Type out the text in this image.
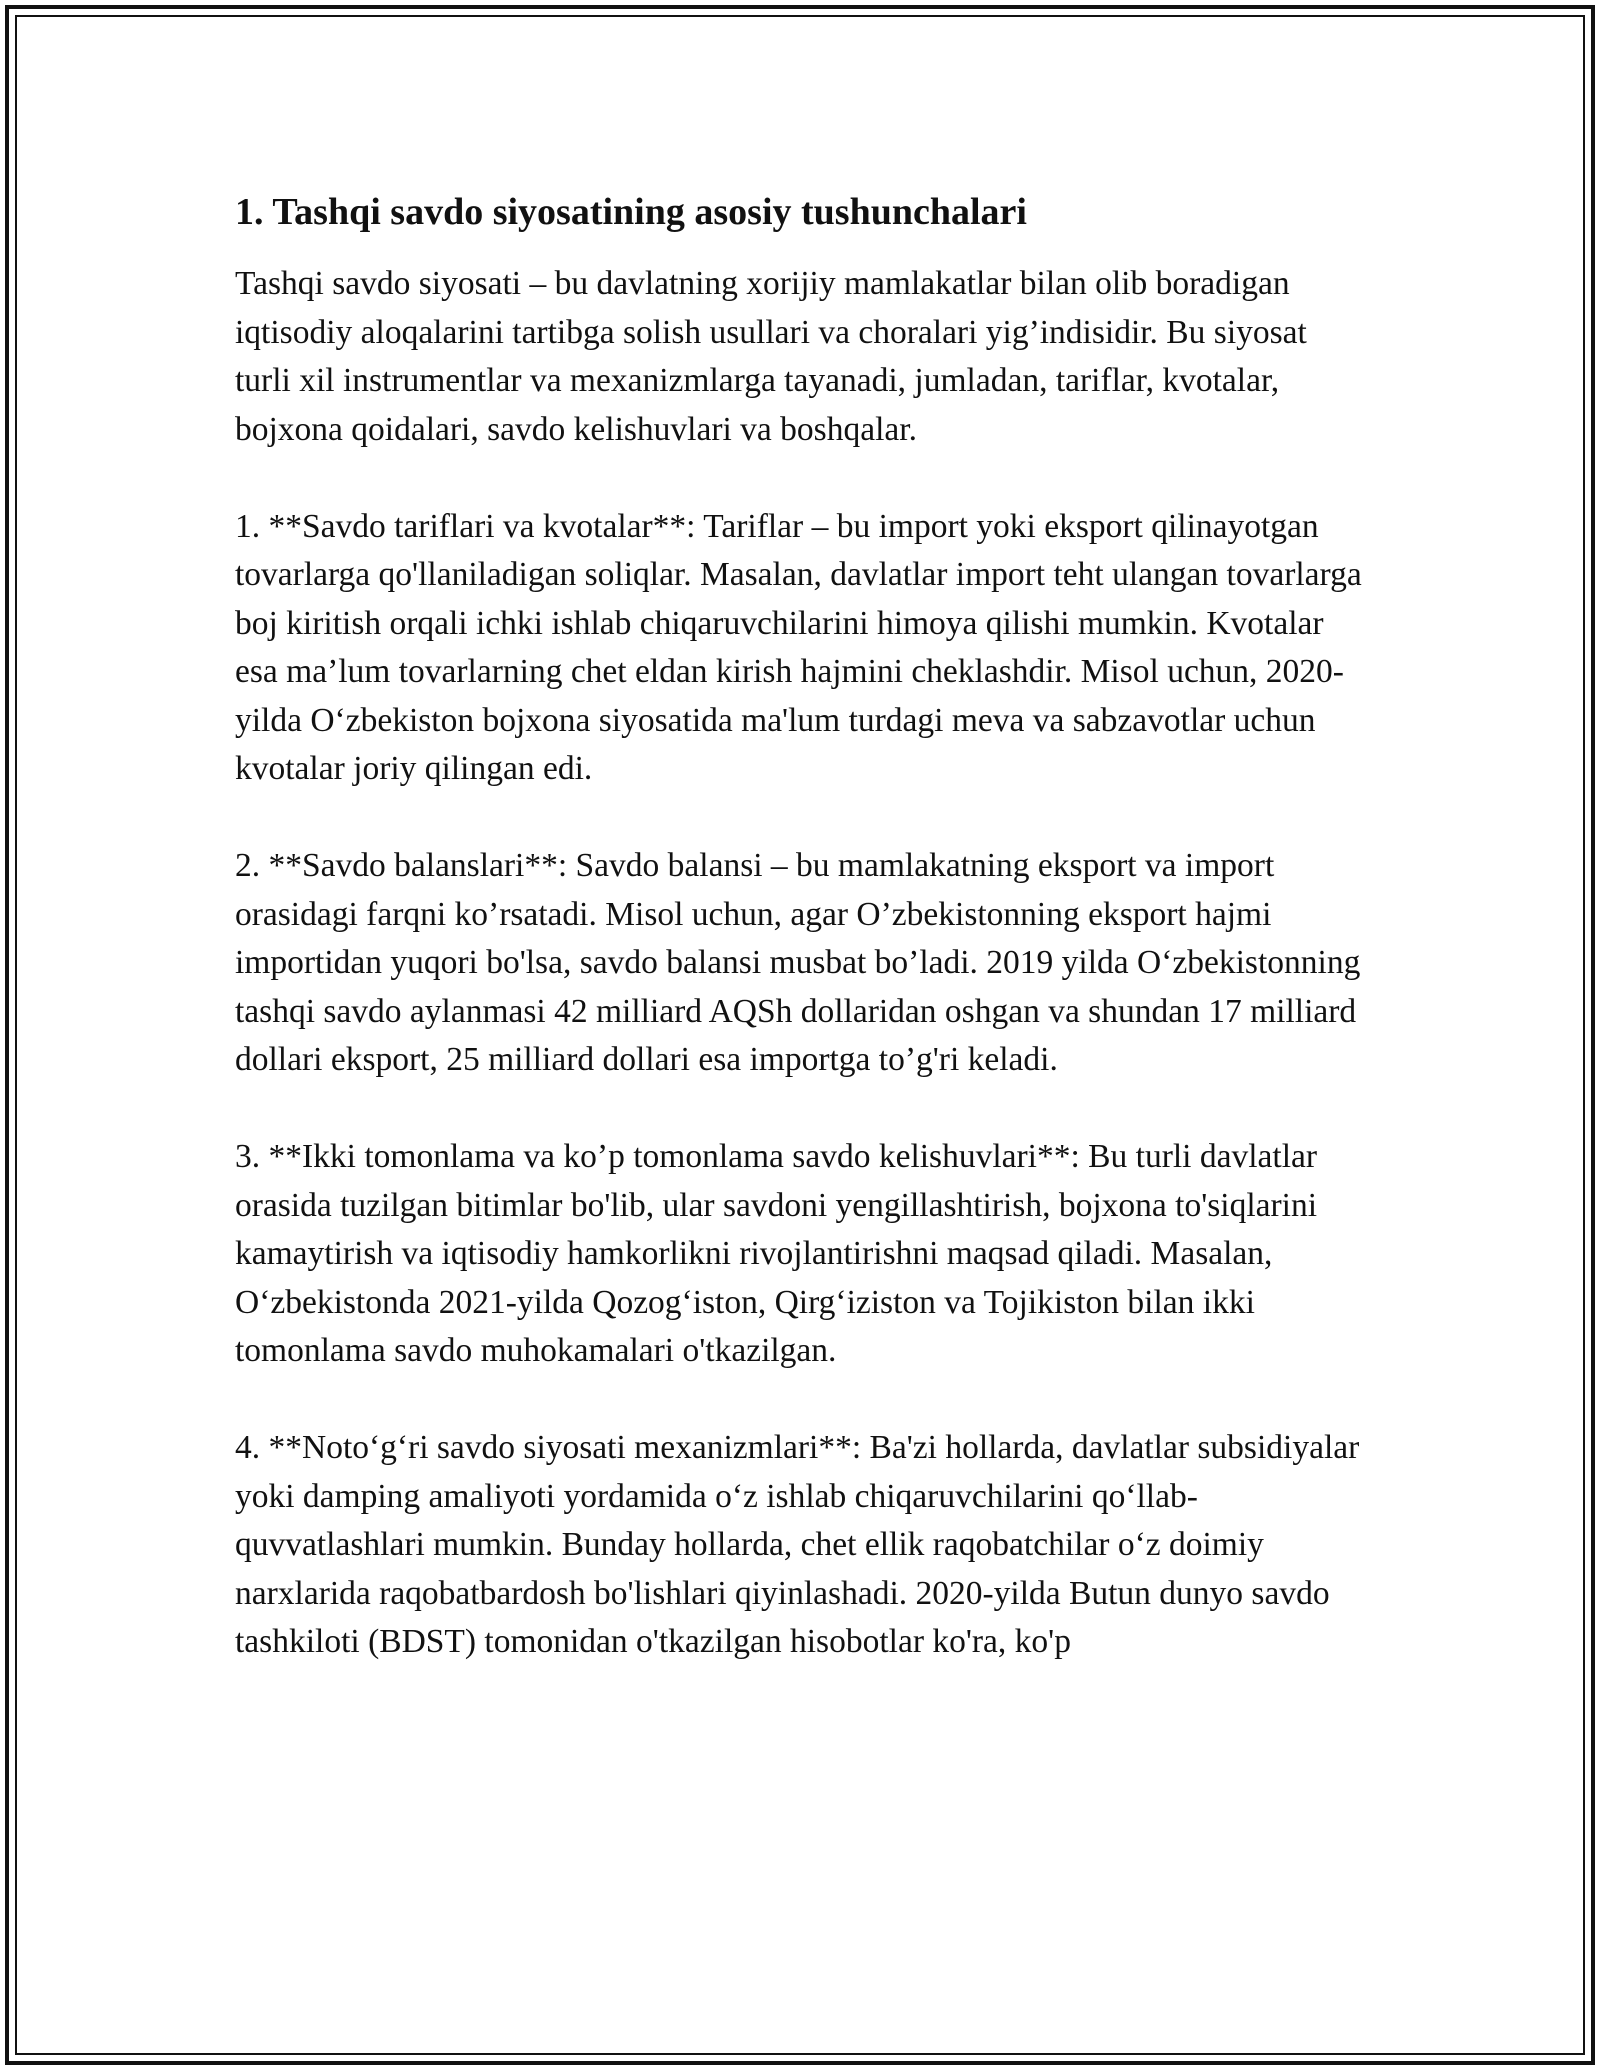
1. Tashqi savdo siyosatining asosiy tushunchalari

Tashqi savdo siyosati – bu davlatning xorijiy mamlakatlar bilan olib boradigan iqtisodiy aloqalarini tartibga solish usullari va choralari yig’indisidir. Bu siyosat turli xil instrumentlar va mexanizmlarga tayanadi, jumladan, tariflar, kvotalar, bojxona qoidalari, savdo kelishuvlari va boshqalar.

1. **Savdo tariflari va kvotalar**: Tariflar – bu import yoki eksport qilinayotgan tovarlarga qo'llaniladigan soliqlar. Masalan, davlatlar import teht ulangan tovarlarga boj kiritish orqali ichki ishlab chiqaruvchilarini himoya qilishi mumkin. Kvotalar esa ma’lum tovarlarning chet eldan kirish hajmini cheklashdir. Misol uchun, 2020-yilda O‘zbekiston bojxona siyosatida ma'lum turdagi meva va sabzavotlar uchun kvotalar joriy qilingan edi.

2. **Savdo balanslari**: Savdo balansi – bu mamlakatning eksport va import orasidagi farqni ko’rsatadi. Misol uchun, agar O’zbekistonning eksport hajmi importidan yuqori bo'lsa, savdo balansi musbat bo’ladi. 2019 yilda O‘zbekistonning tashqi savdo aylanmasi 42 milliard AQSh dollaridan oshgan va shundan 17 milliard dollari eksport, 25 milliard dollari esa importga to’g'ri keladi.

3. **Ikki tomonlama va ko’p tomonlama savdo kelishuvlari**: Bu turli davlatlar orasida tuzilgan bitimlar bo'lib, ular savdoni yengillashtirish, bojxona to'siqlarini kamaytirish va iqtisodiy hamkorlikni rivojlantirishni maqsad qiladi. Masalan, O‘zbekistonda 2021-yilda Qozog‘iston, Qirg‘iziston va Tojikiston bilan ikki tomonlama savdo muhokamalari o'tkazilgan.

4. **Noto‘g‘ri savdo siyosati mexanizmlari**: Ba'zi hollarda, davlatlar subsidiyalar yoki damping amaliyoti yordamida o‘z ishlab chiqaruvchilarini qo‘llab-quvvatlashlari mumkin. Bunday hollarda, chet ellik raqobatchilar o‘z doimiy narxlarida raqobatbardosh bo'lishlari qiyinlashadi. 2020-yilda Butun dunyo savdo tashkiloti (BDST) tomonidan o'tkazilgan hisobotlar ko'ra, ko'p
